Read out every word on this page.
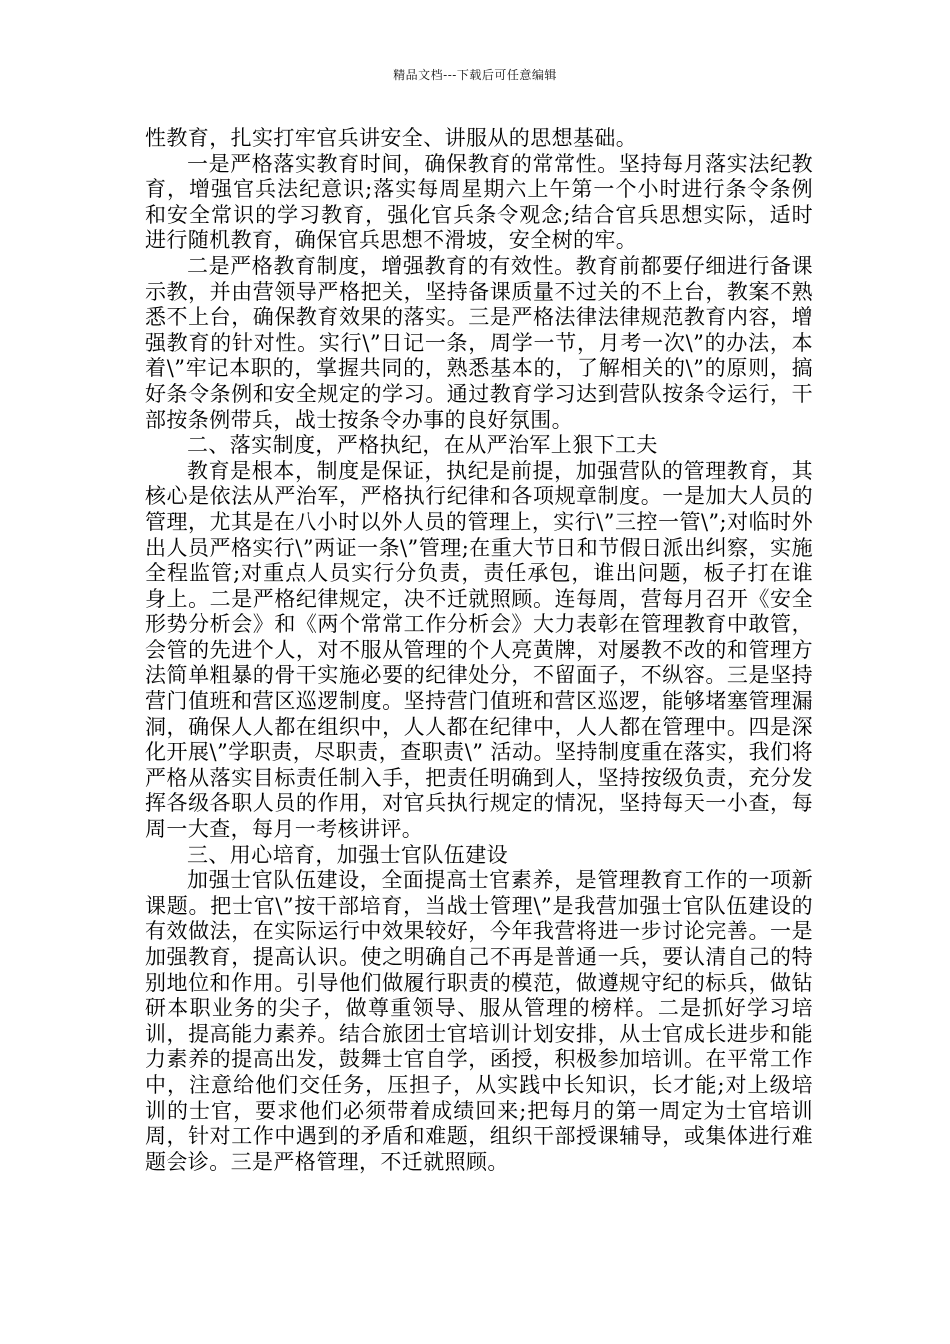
精品文档---下载后可任意编辑

性教育，扎实打牢官兵讲安全、讲服从的思想基础。

一是严格落实教育时间，确保教育的常常性。坚持每月落实法纪教育，增强官兵法纪意识;落实每周星期六上午第一个小时进行条令条例和安全常识的学习教育，强化官兵条令观念;结合官兵思想实际，适时进行随机教育，确保官兵思想不滑坡，安全树的牢。

二是严格教育制度，增强教育的有效性。教育前都要仔细进行备课示教，并由营领导严格把关，坚持备课质量不过关的不上台，教案不熟悉不上台，确保教育效果的落实。三是严格法律法律规范教育内容，增强教育的针对性。实行\”日记一条，周学一节，月考一次\”的办法，本着\”牢记本职的，掌握共同的，熟悉基本的，了解相关的\”的原则，搞好条令条例和安全规定的学习。通过教育学习达到营队按条令运行，干部按条例带兵，战士按条令办事的良好氛围。

二、落实制度，严格执纪，在从严治军上狠下工夫

教育是根本，制度是保证，执纪是前提，加强营队的管理教育，其核心是依法从严治军，严格执行纪律和各项规章制度。一是加大人员的管理，尤其是在八小时以外人员的管理上，实行\”三控一管\”;对临时外出人员严格实行\”两证一条\”管理;在重大节日和节假日派出纠察，实施全程监管;对重点人员实行分负责，责任承包，谁出问题，板子打在谁身上。二是严格纪律规定，决不迁就照顾。连每周，营每月召开《安全形势分析会》和《两个常常工作分析会》大力表彰在管理教育中敢管，会管的先进个人，对不服从管理的个人亮黄牌，对屡教不改的和管理方法简单粗暴的骨干实施必要的纪律处分，不留面子，不纵容。三是坚持营门值班和营区巡逻制度。坚持营门值班和营区巡逻，能够堵塞管理漏洞，确保人人都在组织中，人人都在纪律中，人人都在管理中。四是深化开展\”学职责，尽职责，查职责\” 活动。坚持制度重在落实，我们将严格从落实目标责任制入手，把责任明确到人，坚持按级负责，充分发挥各级各职人员的作用，对官兵执行规定的情况，坚持每天一小查，每周一大查，每月一考核讲评。

三、用心培育，加强士官队伍建设

加强士官队伍建设，全面提高士官素养，是管理教育工作的一项新课题。把士官\”按干部培育，当战士管理\”是我营加强士官队伍建设的有效做法，在实际运行中效果较好，今年我营将进一步讨论完善。一是加强教育，提高认识。使之明确自己不再是普通一兵，要认清自己的特别地位和作用。引导他们做履行职责的模范，做遵规守纪的标兵，做钻研本职业务的尖子，做尊重领导、服从管理的榜样。二是抓好学习培训，提高能力素养。结合旅团士官培训计划安排，从士官成长进步和能力素养的提高出发，鼓舞士官自学，函授，积极参加培训。在平常工作中，注意给他们交任务，压担子，从实践中长知识，长才能;对上级培训的士官，要求他们必须带着成绩回来;把每月的第一周定为士官培训周，针对工作中遇到的矛盾和难题，组织干部授课辅导，或集体进行难题会诊。三是严格管理，不迁就照顾。
